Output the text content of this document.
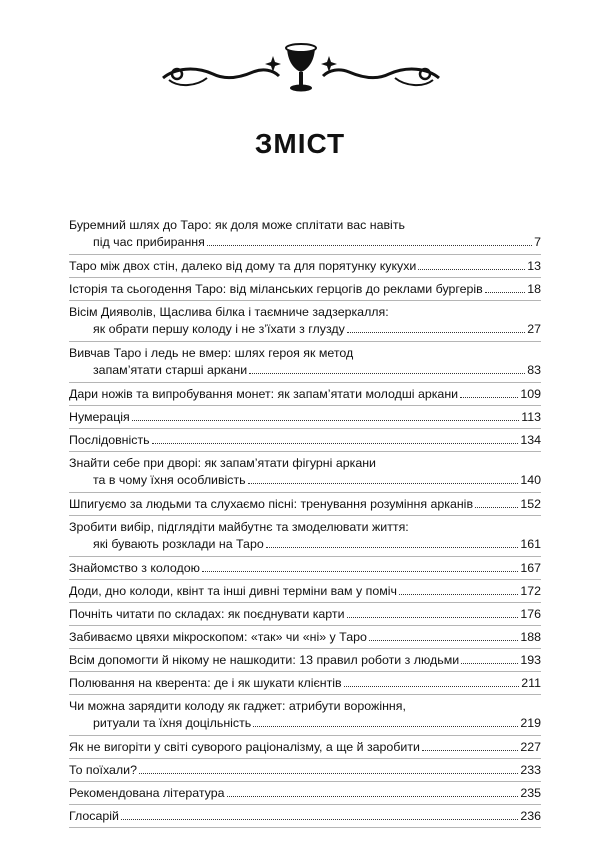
ЗМІСТ
Буремний шлях до Таро: як доля може сплітати вас навіть
під час прибирання	7
Таро між двох стін, далеко від дому та для порятунку кукухи	13
Історія та сьогодення Таро: від міланських герцогів до реклами бургерів	18
Вісім Дияволів, Щаслива білка і таємниче задзеркалля:
як обрати першу колоду і не з’їхати з глузду	27
Вивчав Таро і ледь не вмер: шлях героя як метод
запам’ятати старші аркани	83
Дари ножів та випробування монет: як запам’ятати молодші аркани	109
Нумерація	113
Послідовність	134
Знайти себе при дворі: як запам’ятати фігурні аркани
та в чому їхня особливість	140
Шпигуємо за людьми та слухаємо пісні: тренування розуміння арканів	152
Зробити вибір, підглядіти майбутнє та змоделювати життя:
які бувають розклади на Таро	161
Знайомство з колодою	167
Доди, дно колоди, квінт та інші дивні терміни вам у поміч	172
Почніть читати по складах: як поєднувати карти	176
Забиваємо цвяхи мікроскопом: «так» чи «ні» у Таро	188
Всім допомогти й нікому не нашкодити: 13 правил роботи з людьми	193
Полювання на кверента: де і як шукати клієнтів	211
Чи можна зарядити колоду як гаджет: атрибути ворожіння,
ритуали та їхня доцільність	219
Як не вигоріти у світі суворого раціоналізму, а ще й заробити	227
То поїхали?	233
Рекомендована література	235
Глосарій	236
